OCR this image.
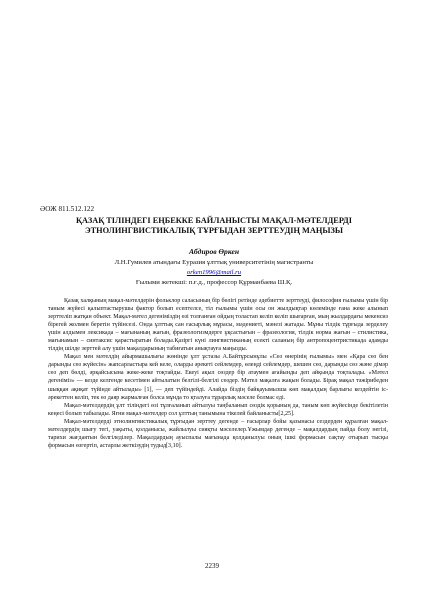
ӘОЖ 811.512.122
ҚАЗАҚ ТІЛІНДЕГІ ЕҢБЕККЕ БАЙЛАНЫСТЫ МАҚАЛ-МӘТЕЛДЕРДІ
ЭТНОЛИНГВИСТИКАЛЫҚ ТҰРҒЫДАН ЗЕРТТЕУДІҢ МАҢЫЗЫ
Абдиров Өркен
Л.Н.Гумилев атындағы Еуразия ұлттық университетінің магистранты
orken1996@mail.ru
Ғылыми жетекші: п.ғ.д., профессор Құрманбаева Ш.Қ.

Қазақ халқының мақал-мәтелдерін фольклор саласының бір бөлігі ретінде әдебиетте зерттеуді, философия ғылымы үшін бір таным жүйесі қалыптастырушы фактор болып есептелсе, тіл ғылымы үшін осы он жылдықтар көлемінде ғана жеке алынып зерттеліп жатқан объект. Мақал-мәтел дегеніміздің өзі толғанған ойдың толастап келіп келіп шығарған, мың жылдардағы мекенсиз бірегей жолмен беретін түйінсезі. Онда ұлттық сан ғасырлық мұрасы, мәдениеті, мәнезі жатады. Мұны тілдік тұрғыда зерделеу үшін алдымен лексикада – мағынаның жағын, фразеологизмдерге ұқсастығын – фразеология, тілдік норма жағын – стилистика, мағынамын – синтаксис қарастыратын болады.Қазіргі күні лингвистиканың есекті саланың бір антропоцентристикада адамды тілдің шілде зерттей алу үшін мақалдарының табиғатын анықтауға маңызды.

Мақал мен мәтелдің айырмашылығы жөнінде ұлт ұстазы А.Байтұрсынұлы «Сөз өнерінің ғылымы» мен «Қара сөз бен дарынды сөз жүйесін» жапсарластыра кей келе, оларды әрекеті сейлемдер, өлеңді сейлемдер, шешен сөз, дарынды сөз және дімәр сөз деп бөлді, әрқайсысына жеке-жеке тоқтайды. Екеуі ақыл сөздер бір атаумен ағайынды деп айқында тоқталады. «Мәтел дегеніміз» — кезде келгенде кесетімен айтылатын белгілі-белгілі сөздер. Мәтел мақалға жақын болады. Бірақ мақал тәжірибеден шыққан ақиқат түйінде айтылады» [1], — деп түйіндейді. Алайда біздің байқауымызша көп мақалдың барлығы кездейтін іс-әрекеттен келіп, тек өз даяр жармалған болса мұнда то қталуға тұрарлық мәселе болмас еді.

Мақал-мәтелдердің ұлт тіліндегі өзі тұлғаланып айтылуы таңбаланып сөздік қорының да, таным көп жүйесінде бекітілетін кеңесі болып табылады. Яғни мақал-мәтелдер сол ұлттың танымына тікелей байланысты[2,25].

Мақал-мәтелдерді этнолингвистикалық тұрғыдан зерттеу дегенде – ғасырлар бойы қазынасы сездерден құралған мақал-мәтелдердің шығу тегі, уақыты, қолданысы, жайлылуы сияқты мәселелер.Ұжымдар дегенде – мақалдардың пайда болу негізі, тарихи жағдаятын белгіледілер. Мақалдардың ауыспалы мағынада қолданылуы оның ішкі формасын сақтау отырып тысқы формасын өзгертіп, астарлы жеткізудің тудыд[3,10].

2239
